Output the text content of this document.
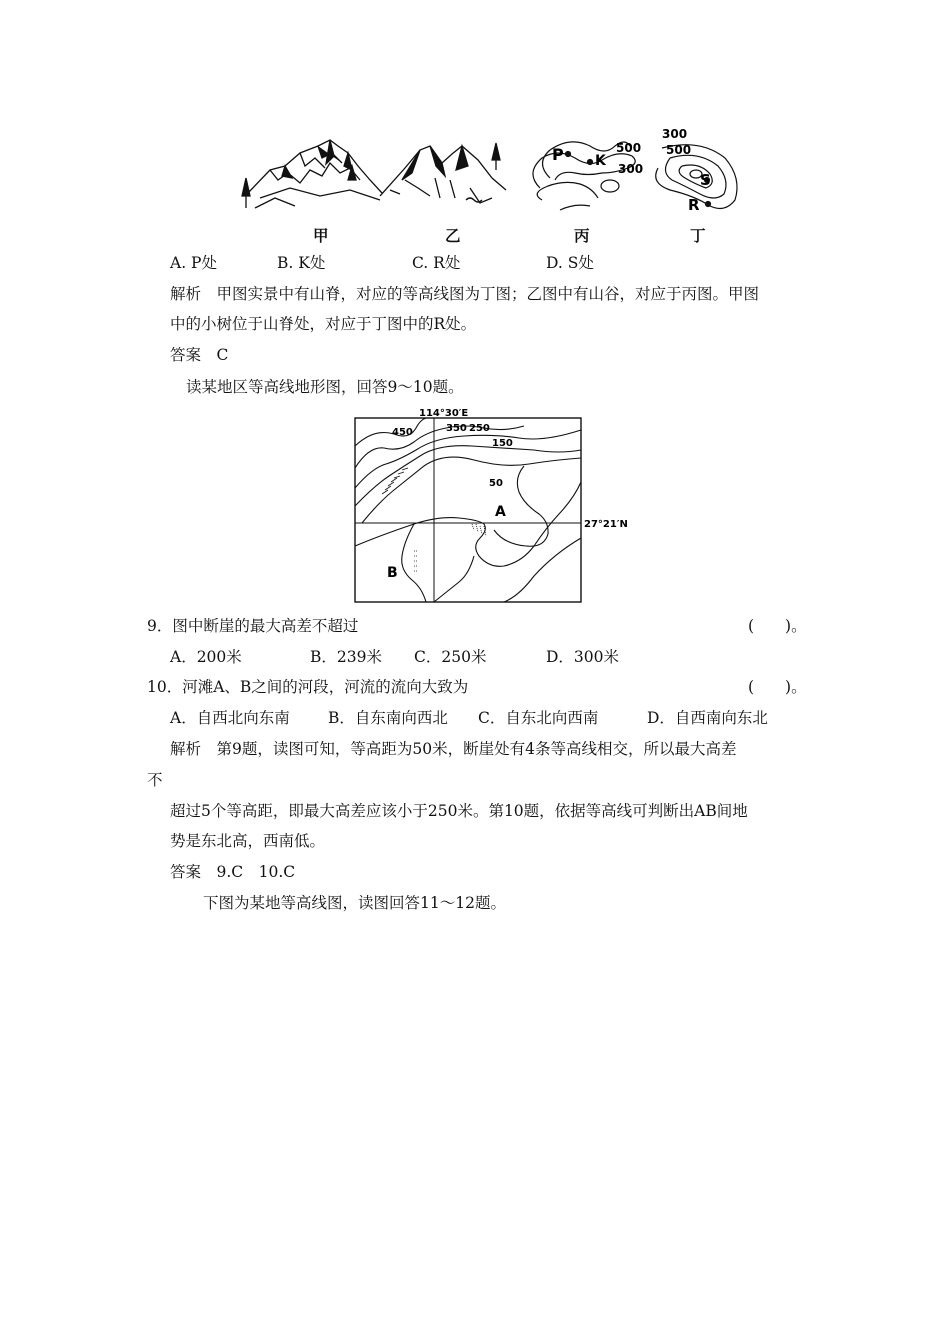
P K
500
300
300
500
S
R
甲	乙	丙	丁
A. P处	B. K处	C. R处	D. S处
解析　甲图实景中有山脊，对应的等高线图为丁图；乙图中有山谷，对应于丙图。甲图
中的小树位于山脊处，对应于丁图中的R处。
答案　C
读某地区等高线地形图，回答9～10题。
114°30′E
27°21′N
450	350 250
150
50
A
B
9．图中断崖的最大高差不超过	(　　)。
A．200米	B．239米 C．250米	D．300米
10．河滩A、B之间的河段，河流的流向大致为	(　　)。
A．自西北向东南 B．自东南向西北 C．自东北向西南	D．自西南向东北
解析　第9题，读图可知，等高距为50米，断崖处有4条等高线相交，所以最大高差
不
超过5个等高距，即最大高差应该小于250米。第10题，依据等高线可判断出AB间地
势是东北高，西南低。
答案　9.C　10.C
下图为某地等高线图，读图回答11～12题。
